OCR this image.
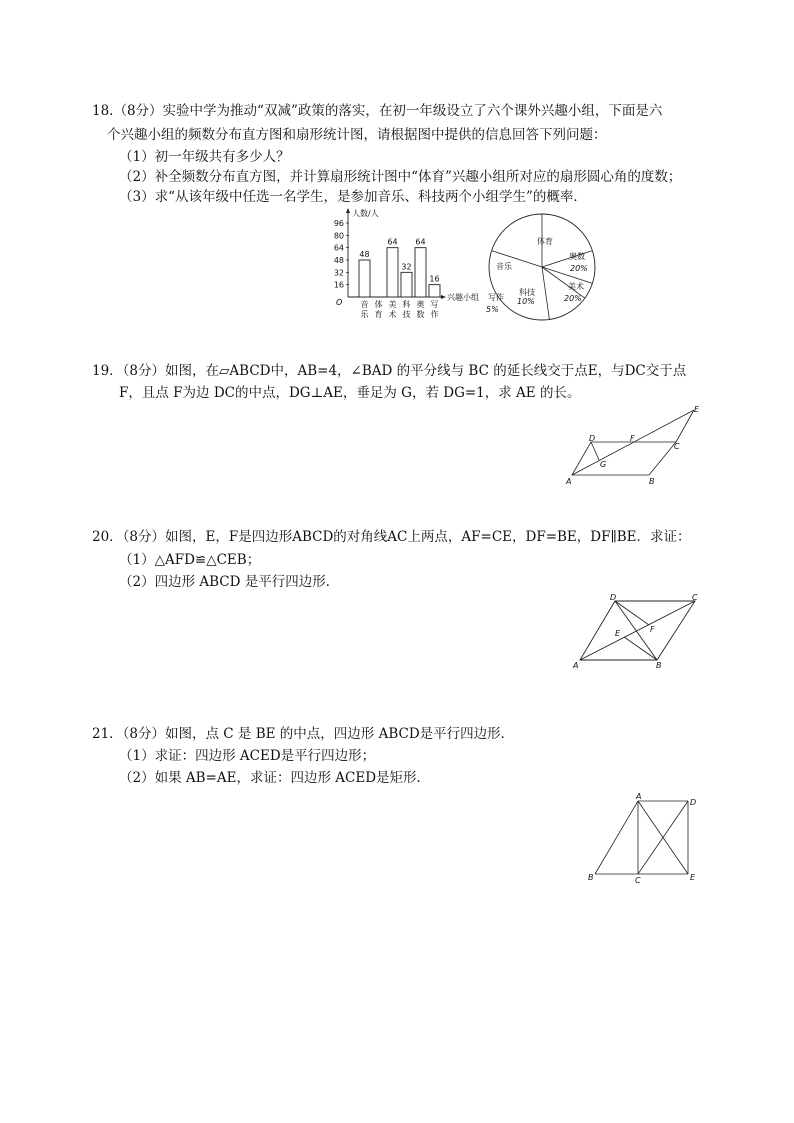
18.（8分）实验中学为推动“双减”政策的落实，在初一年级设立了六个课外兴趣小组，下面是六
个兴趣小组的频数分布直方图和扇形统计图，请根据图中提供的信息回答下列问题：
（1）初一年级共有多少人？
（2）补全频数分布直方图，并计算扇形统计图中“体育”兴趣小组所对应的扇形圆心角的度数；
（3）求“从该年级中任选一名学生，是参加音乐、科技两个小组学生”的概率．
人数/人
兴趣小组
O
16
32
48
64
80
96
48
音
乐
体
育
64
美
术
32
科
技
64
奥
数
16
写
作
体育
奥数
20%
美术
20%
科技
10%
写作
5%
音乐
19．（8分）如图，在▱ABCD中，AB=4，∠BAD 的平分线与 BC 的延长线交于点E，与DC交于点
F，且点 F为边 DC的中点，DG⊥AE，垂足为 G，若 DG=1，求 AE 的长。
A	B
C
D
E
F
G
20．（8分）如图，E，F是四边形ABCD的对角线AC上两点，AF=CE，DF=BE，DF∥BE．求证：
（1）△AFD≌△CEB；
（2）四边形 ABCD 是平行四边形．
A	B
C
D
E	F
21．（8分）如图，点 C 是 BE 的中点，四边形 ABCD是平行四边形．
（1）求证：四边形 ACED是平行四边形；
（2）如果 AB=AE，求证：四边形 ACED是矩形．
A
B	C
D
E
